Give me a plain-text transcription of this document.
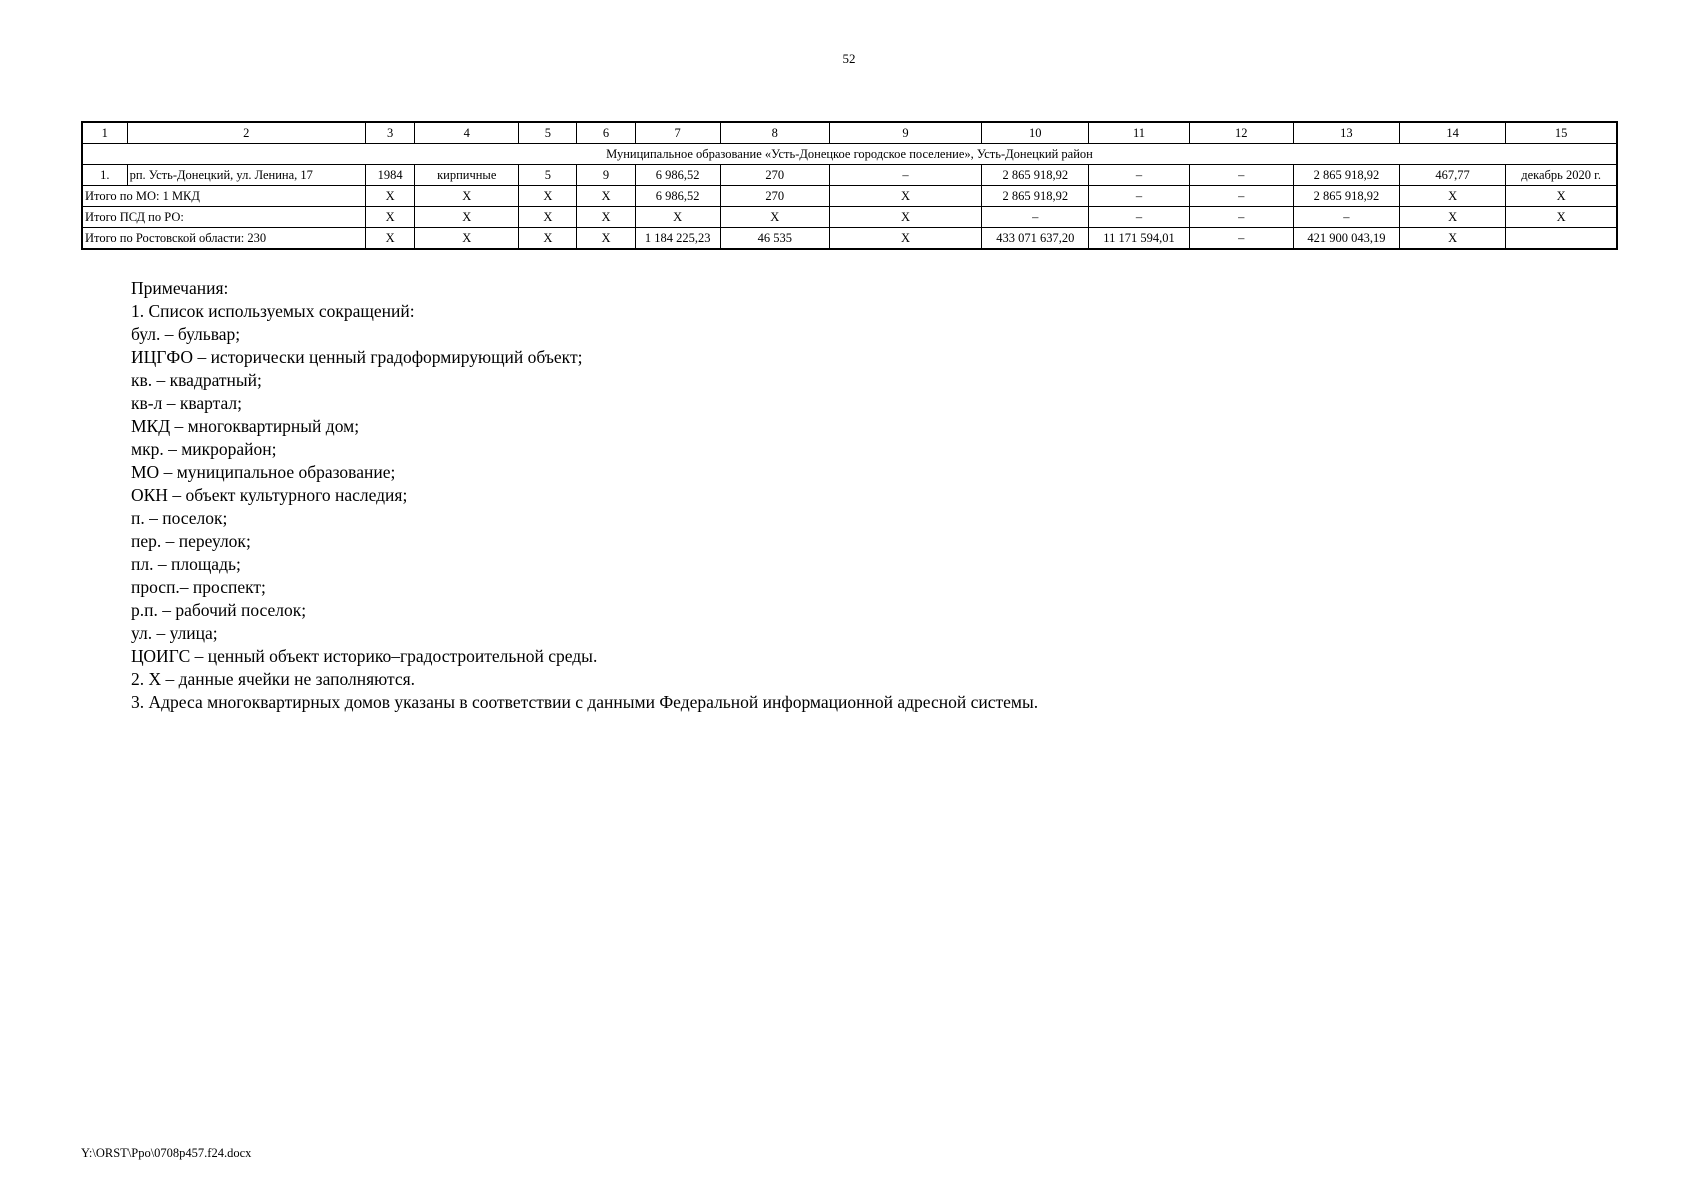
52
1	2	3	4	5	6	7	8	9	10	11	12	13	14	15
Муниципальное образование «Усть-Донецкое городское поселение», Усть-Донецкий район														
1.	рп. Усть-Донецкий, ул. Ленина, 17	1984	кирпичные	5	9	6 986,52	270	–	2 865 918,92	–	–	2 865 918,92	467,77	декабрь 2020 г.
Итого по МО: 1 МКД		X	X	X	X	6 986,52	270	X	2 865 918,92	–	–	2 865 918,92	X	X
Итого ПСД по РО:		X	X	X	X	X	X	X	–	–	–	–	X	X
Итого по Ростовской области: 230		X	X	X	X	1 184 225,23	46 535	X	433 071 637,20	11 171 594,01	–	421 900 043,19	X	
Примечания:
1. Список используемых сокращений:
бул. – бульвар;
ИЦГФО – исторически ценный градоформирующий объект;
кв. – квадратный;
кв-л – квартал;
МКД – многоквартирный дом;
мкр. – микрорайон;
МО – муниципальное образование;
ОКН – объект культурного наследия;
п. – поселок;
пер. – переулок;
пл. – площадь;
просп.– проспект;
р.п. – рабочий поселок;
ул. – улица;
ЦОИГС – ценный объект историко–градостроительной среды.
2. X – данные ячейки не заполняются.
3. Адреса многоквартирных домов указаны в соответствии с данными Федеральной информационной адресной системы.
Y:\ORST\Ppo\0708p457.f24.docx
